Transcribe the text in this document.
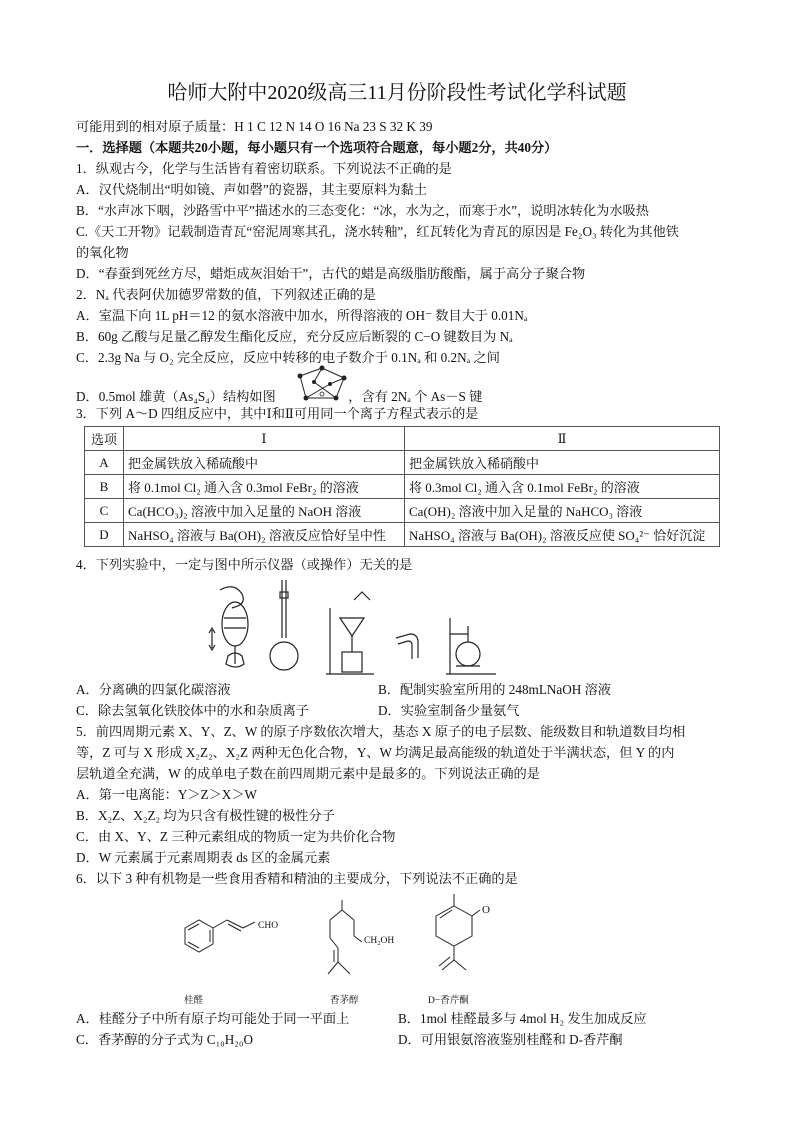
哈师大附中2020级高三11月份阶段性考试化学科试题
可能用到的相对原子质量：H 1 C 12 N 14 O 16 Na 23 S 32 K 39
一．选择题（本题共20小题，每小题只有一个选项符合题意，每小题2分，共40分）
1．纵观古今，化学与生活皆有着密切联系。下列说法不正确的是
A．汉代烧制出“明如镜、声如磬”的瓷器，其主要原料为黏土
B．“水声冰下咽，沙路雪中平”描述水的三态变化：“冰，水为之，而寒于水”，说明冰转化为水吸热
C.《天工开物》记载制造青瓦“窑泥周寒其孔，浇水转釉”，红瓦转化为青瓦的原因是 Fe₂O₃ 转化为其他铁
的氧化物
D．“春蚕到死丝方尽，蜡炬成灰泪始干”，古代的蜡是高级脂肪酸酯，属于高分子聚合物
2．Nₐ 代表阿伏加德罗常数的值，下列叙述正确的是
A．室温下向 1L pH＝12 的氨水溶液中加水，所得溶液的 OH⁻ 数目大于 0.01Nₐ
B．60g 乙酸与足量乙醇发生酯化反应，充分反应后断裂的 C−O 键数目为 Nₐ
C．2.3g Na 与 O₂ 完全反应，反应中转移的电子数介于 0.1Nₐ 和 0.2Nₐ 之间
D．0.5mol 雄黄（As₄S₄）结构如图	，含有 2Nₐ 个 As－S 键
3．下列 A～D 四组反应中，其中Ⅰ和Ⅱ可用同一个离子方程式表示的是
选项	Ⅰ	Ⅱ
A	把金属铁放入稀硫酸中	把金属铁放入稀硝酸中
B	将 0.1mol Cl₂ 通入含 0.3mol FeBr₂ 的溶液	将 0.3mol Cl₂ 通入含 0.1mol FeBr₂ 的溶液
C	Ca(HCO₃)₂ 溶液中加入足量的 NaOH 溶液	Ca(OH)₂ 溶液中加入足量的 NaHCO₃ 溶液
D	NaHSO₄ 溶液与 Ba(OH)₂ 溶液反应恰好呈中性	NaHSO₄ 溶液与 Ba(OH)₂ 溶液反应使 SO₄²⁻ 恰好沉淀
4．下列实验中，一定与图中所示仪器（或操作）无关的是
A．分离碘的四氯化碳溶液	B．配制实验室所用的 248mLNaOH 溶液
C．除去氢氧化铁胶体中的水和杂质离子	D．实验室制备少量氨气
5．前四周期元素 X、Y、Z、W 的原子序数依次增大，基态 X 原子的电子层数、能级数目和轨道数目均相
等，Z 可与 X 形成 X₂Z₂、X₂Z 两种无色化合物，Y、W 均满足最高能级的轨道处于半满状态，但 Y 的内
层轨道全充满，W 的成单电子数在前四周期元素中是最多的。下列说法正确的是
A．第一电离能：Y＞Z＞X＞W
B．X₂Z、X₂Z₂ 均为只含有极性键的极性分子
C．由 X、Y、Z 三种元素组成的物质一定为共价化合物
D．W 元素属于元素周期表 ds 区的金属元素
6．以下 3 种有机物是一些食用香精和精油的主要成分，下列说法不正确的是
CHO
桂醛
CH₂OH
香茅醇
O
D−香芹酮
A．桂醛分子中所有原子均可能处于同一平面上	B．1mol 桂醛最多与 4mol H₂ 发生加成反应
C．香茅醇的分子式为 C₁₀H₂₀O	D．可用银氨溶液鉴别桂醛和 D-香芹酮
